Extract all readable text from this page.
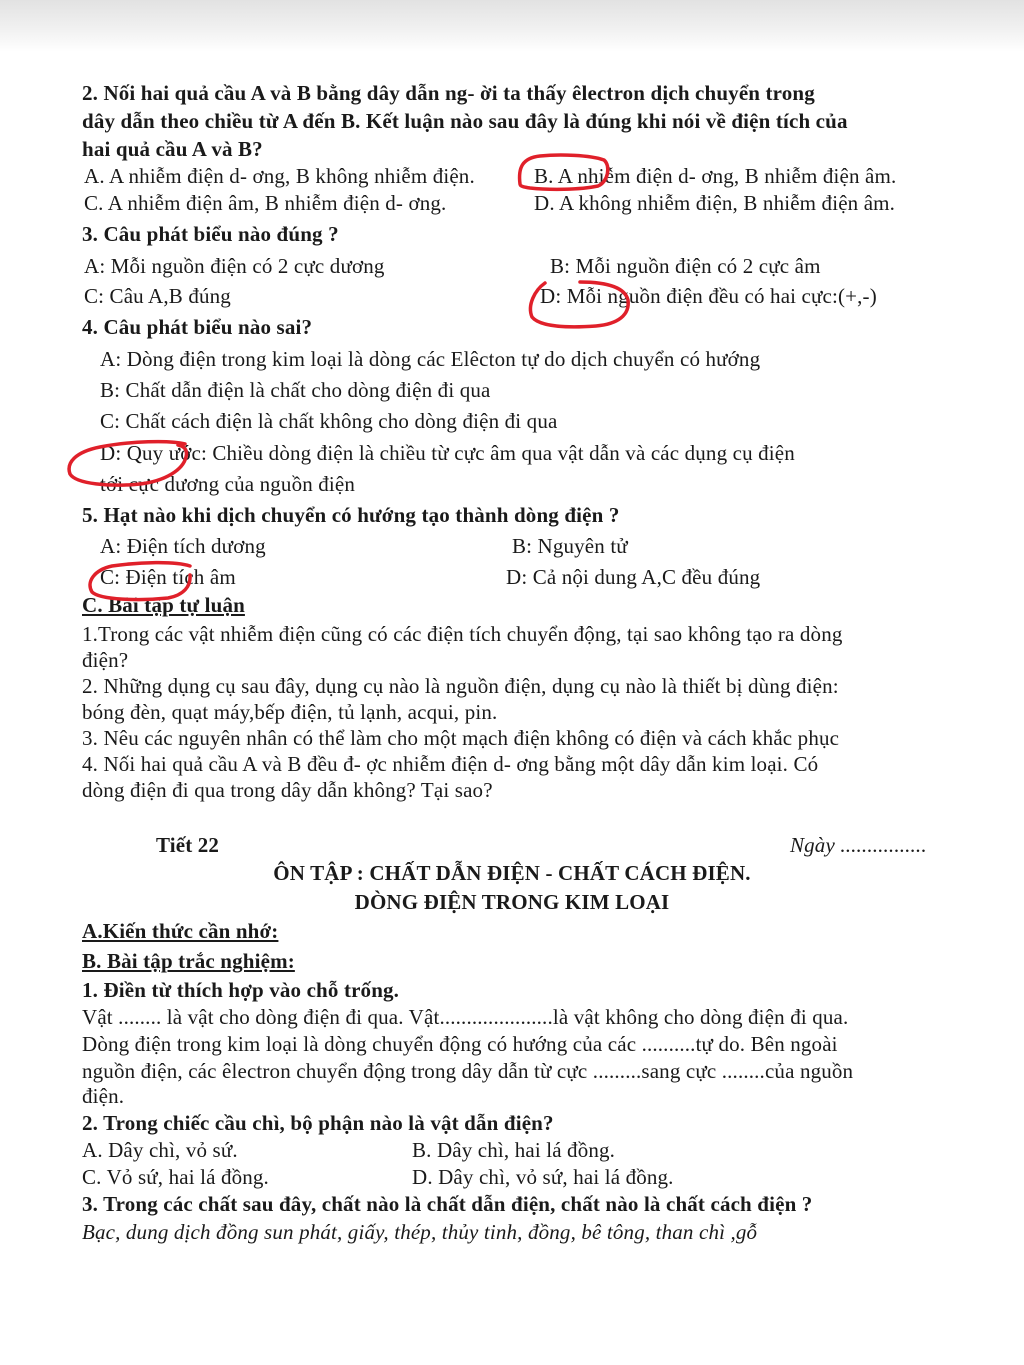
2. Nối hai quả cầu A và B bằng dây dẫn ng- ời ta thấy êlectron dịch chuyển trong
dây dẫn theo chiều từ A đến B. Kết luận nào sau đây là đúng khi nói về điện tích của
hai quả cầu A và B?
A. A nhiễm điện d- ơng, B không nhiễm điện.	B. A nhiễm điện d- ơng, B nhiễm điện âm.
C. A nhiễm điện âm, B nhiễm điện d- ơng.	D. A không nhiễm điện, B nhiễm điện âm.
3. Câu phát biểu nào đúng ?
A: Mỗi nguồn điện có 2 cực dương	B: Mỗi nguồn điện có 2 cực âm
C: Câu A,B đúng	D: Mỗi nguồn điện đều có hai cực:(+,-)
4. Câu phát biểu nào sai?
A: Dòng điện trong kim loại là dòng các Elêcton tự do dịch chuyển có hướng
B: Chất dẫn điện là chất cho dòng điện đi qua
C: Chất cách điện là chất không cho dòng điện đi qua
D: Quy ước: Chiều dòng điện là chiều từ cực âm qua vật dẫn và các dụng cụ điện
tới cực dương của nguồn điện
5. Hạt nào khi dịch chuyển có hướng tạo thành dòng điện ?
A: Điện tích dương	B: Nguyên tử
C: Điện tích âm	D: Cả nội dung A,C đều đúng
C. Bài tập tự luận
1.Trong các vật nhiễm điện cũng có các điện tích chuyển động, tại sao không tạo ra dòng
điện?
2. Những dụng cụ sau đây, dụng cụ nào là nguồn điện, dụng cụ nào là thiết bị dùng điện:
bóng đèn, quạt máy,bếp điện, tủ lạnh, acqui, pin.
3. Nêu các nguyên nhân có thể làm cho một mạch điện không có điện và cách khắc phục
4. Nối hai quả cầu A và B đều đ- ợc nhiễm điện d- ơng bằng một dây dẫn kim loại. Có
dòng điện đi qua trong dây dẫn không? Tại sao?
Tiết 22	Ngày ................
ÔN TẬP : CHẤT DẪN ĐIỆN - CHẤT CÁCH ĐIỆN.
DÒNG ĐIỆN TRONG KIM LOẠI
A.Kiến thức cần nhớ:
B. Bài tập trắc nghiệm:
1. Điền từ thích hợp vào chỗ trống.
Vật ........ là vật cho dòng điện đi qua. Vật.....................là vật không cho dòng điện đi qua.
Dòng điện trong kim loại là dòng chuyển động có hướng của các ..........tự do. Bên ngoài
nguồn điện, các êlectron chuyển động trong dây dẫn từ cực .........sang cực ........của nguồn
điện.
2. Trong chiếc cầu chì, bộ phận nào là vật dẫn điện?
A. Dây chì, vỏ sứ.	B. Dây chì, hai lá đồng.
C. Vỏ sứ, hai lá đồng.	D. Dây chì, vỏ sứ, hai lá đồng.
3. Trong các chất sau đây, chất nào là chất dẫn điện, chất nào là chất cách điện ?
Bạc, dung dịch đồng sun phát, giấy, thép, thủy tinh, đồng, bê tông, than chì ,gỗ
